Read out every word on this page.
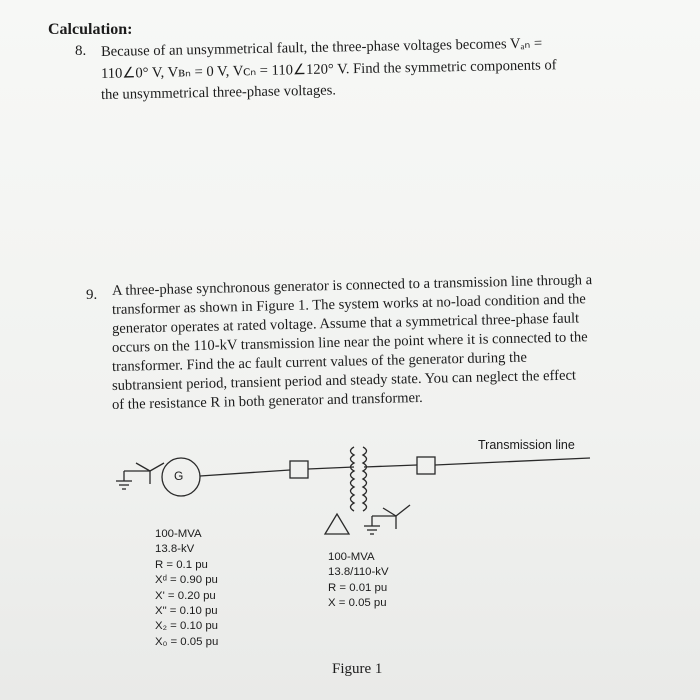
Calculation:
8. Because of an unsymmetrical fault, the three-phase voltages becomes Vₐₙ =
110∠0° V, Vʙₙ = 0 V, Vᴄₙ = 110∠120° V. Find the symmetric components of
the unsymmetrical three-phase voltages.
9. A three-phase synchronous generator is connected to a transmission line through a
transformer as shown in Figure 1. The system works at no-load condition and the
generator operates at rated voltage. Assume that a symmetrical three-phase fault
occurs on the 110-kV transmission line near the point where it is connected to the
transformer. Find the ac fault current values of the generator during the
subtransient period, transient period and steady state. You can neglect the effect
of the resistance R in both generator and transformer.
G
Transmission line
100-MVA
13.8-kV
R = 0.1 pu
Xᵈ = 0.90 pu
X' = 0.20 pu
X" = 0.10 pu
X₂ = 0.10 pu
X₀ = 0.05 pu
100-MVA
13.8/110-kV
R = 0.01 pu
X = 0.05 pu
Figure 1
